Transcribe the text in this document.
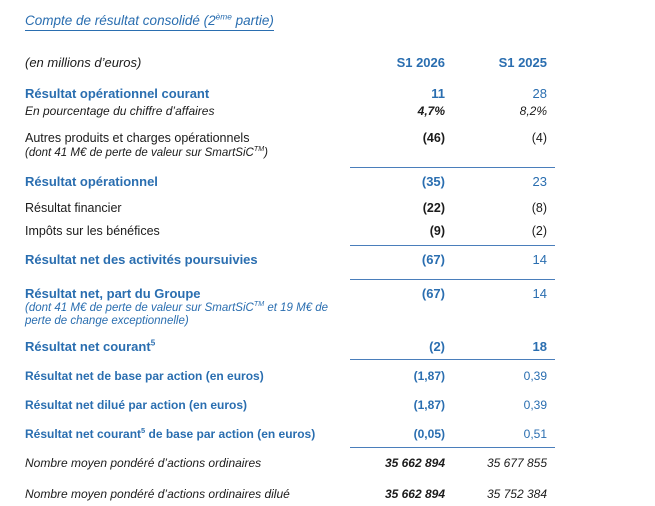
Compte de résultat consolidé (2ème partie)
(en millions d’euros)	S1 2026	S1 2025
Résultat opérationnel courant	11	28
En pourcentage du chiffre d’affaires	4,7%	8,2%
Autres produits et charges opérationnels
(dont 41 M€ de perte de valeur sur SmartSiC™)
(46)	(4)
Résultat opérationnel	(35)	23
Résultat financier	(22)	(8)
Impôts sur les bénéfices	(9)	(2)
Résultat net des activités poursuivies	(67)	14
Résultat net, part du Groupe
(dont 41 M€ de perte de valeur sur SmartSiC™ et 19 M€ de perte de change exceptionnelle)
(67)	14
Résultat net courant$^5$	(2)	18
Résultat net de base par action (en euros)	(1,87)	0,39
Résultat net dilué par action (en euros)	(1,87)	0,39
Résultat net courant$^5$ de base par action (en euros)	(0,05)	0,51
Nombre moyen pondéré d’actions ordinaires	35 662 894	35 677 855
Nombre moyen pondéré d’actions ordinaires dilué	35 662 894	35 752 384
